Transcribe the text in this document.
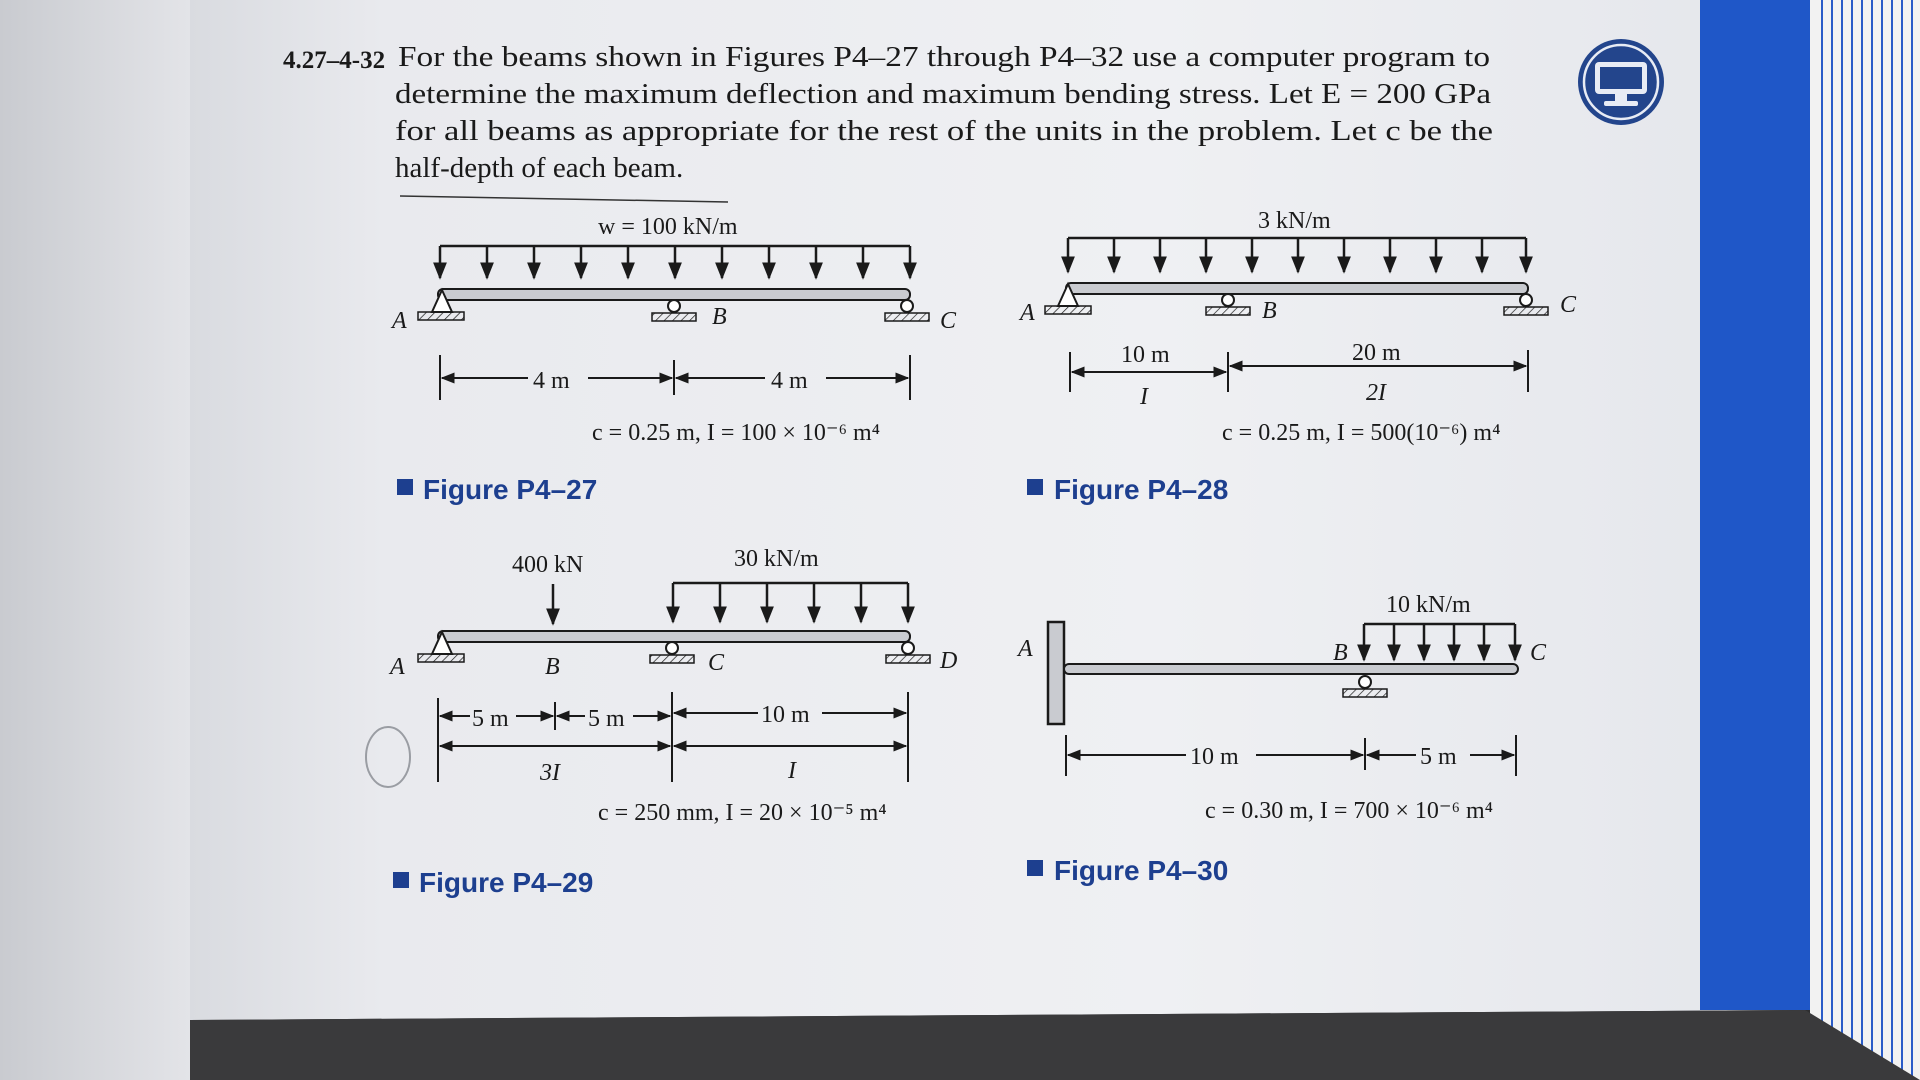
4.27–4-32 For the beams shown in Figures P4–27 through P4–32 use a computer program to
determine the maximum deflection and maximum bending stress. Let E = 200 GPa
for all beams as appropriate for the rest of the units in the problem. Let c be the
half-depth of each beam.
w = 100 kN/m
A	B	C
4 m	4 m
c = 0.25 m, I = 100 × 10⁻⁶ m⁴
Figure P4–27
3 kN/m
A	B	C
10 m	20 m
I	2I
c = 0.25 m, I = 500(10⁻⁶) m⁴
Figure P4–28
400 kN	30 kN/m
A	B	C	D
5 m	5 m	10 m
3I	I
c = 250 mm, I = 20 × 10⁻⁵ m⁴
Figure P4–29
A
10 kN/m
B	C
10 m	5 m
c = 0.30 m, I = 700 × 10⁻⁶ m⁴
Figure P4–30
